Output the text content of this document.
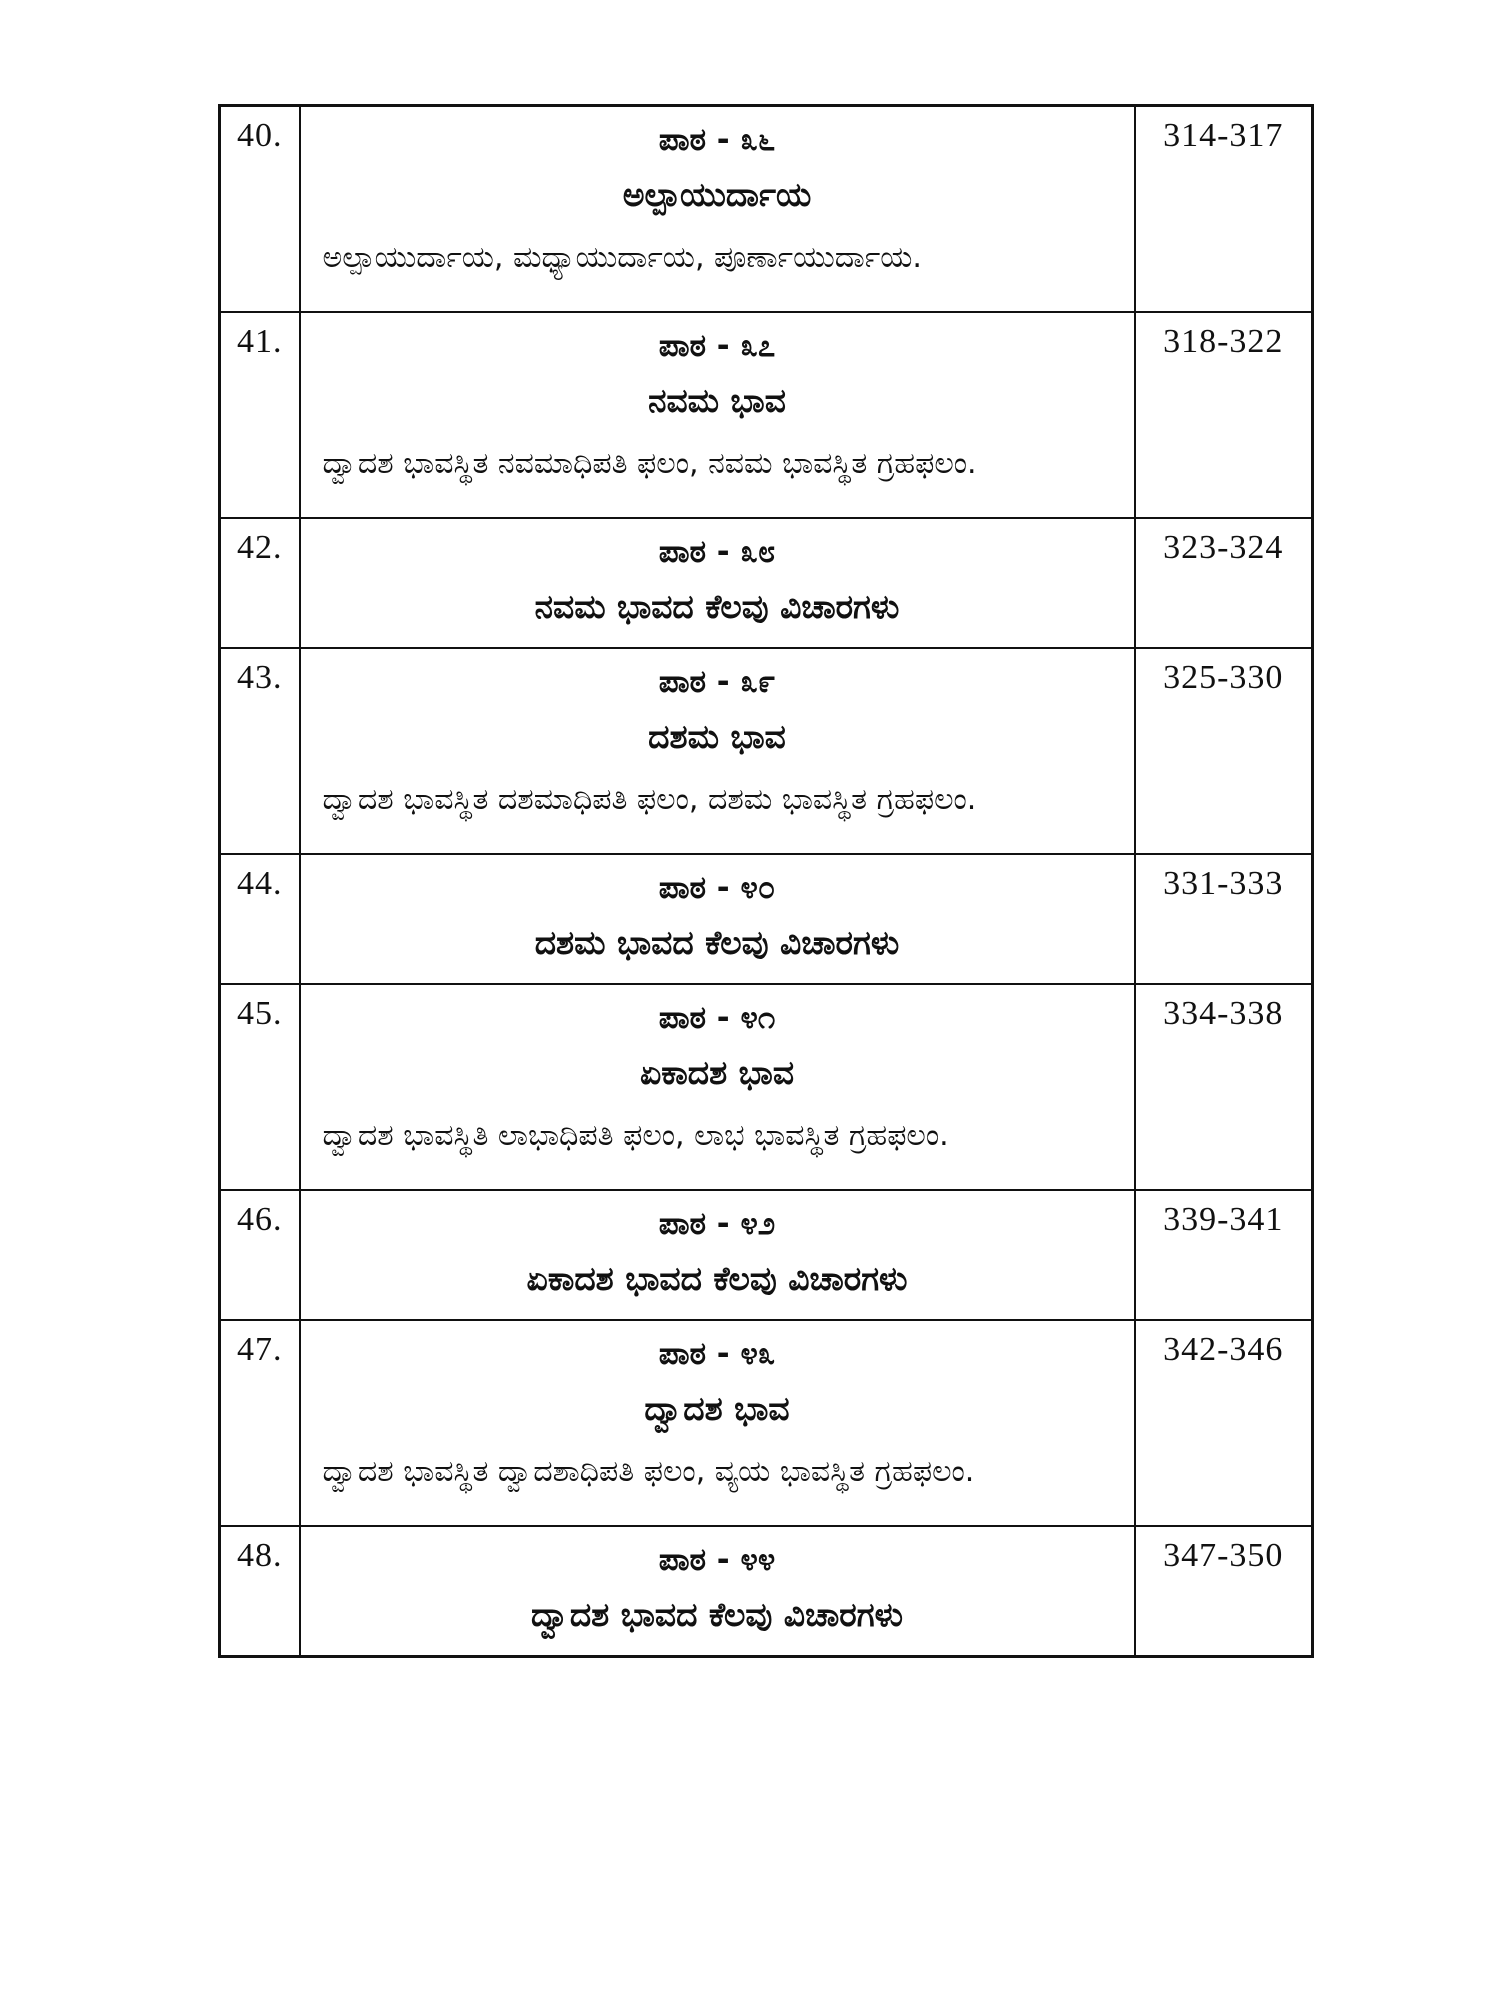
40.	ಪಾಠ - ೩೬
ಅಲ್ಪಾಯುರ್ದಾಯ
ಅಲ್ಪಾಯುರ್ದಾಯ, ಮಧ್ಯಾಯುರ್ದಾಯ, ಪೂರ್ಣಾಯುರ್ದಾಯ.	314-317
41.	ಪಾಠ - ೩೭
ನವಮ ಭಾವ
ದ್ವಾದಶ ಭಾವಸ್ಥಿತ ನವಮಾಧಿಪತಿ ಫಲಂ, ನವಮ ಭಾವಸ್ಥಿತ ಗ್ರಹಫಲಂ.	318-322
42.	ಪಾಠ - ೩೮
ನವಮ ಭಾವದ ಕೆಲವು ವಿಚಾರಗಳು	323-324
43.	ಪಾಠ - ೩೯
ದಶಮ ಭಾವ
ದ್ವಾದಶ ಭಾವಸ್ಥಿತ ದಶಮಾಧಿಪತಿ ಫಲಂ, ದಶಮ ಭಾವಸ್ಥಿತ ಗ್ರಹಫಲಂ.	325-330
44.	ಪಾಠ - ೪೦
ದಶಮ ಭಾವದ ಕೆಲವು ವಿಚಾರಗಳು	331-333
45.	ಪಾಠ - ೪೧
ಏಕಾದಶ ಭಾವ
ದ್ವಾದಶ ಭಾವಸ್ಥಿತಿ ಲಾಭಾಧಿಪತಿ ಫಲಂ, ಲಾಭ ಭಾವಸ್ಥಿತ ಗ್ರಹಫಲಂ.	334-338
46.	ಪಾಠ - ೪೨
ಏಕಾದಶ ಭಾವದ ಕೆಲವು ವಿಚಾರಗಳು	339-341
47.	ಪಾಠ - ೪೩
ದ್ವಾದಶ ಭಾವ
ದ್ವಾದಶ ಭಾವಸ್ಥಿತ ದ್ವಾದಶಾಧಿಪತಿ ಫಲಂ, ವ್ಯಯ ಭಾವಸ್ಥಿತ ಗ್ರಹಫಲಂ.	342-346
48.	ಪಾಠ - ೪೪
ದ್ವಾದಶ ಭಾವದ ಕೆಲವು ವಿಚಾರಗಳು	347-350
